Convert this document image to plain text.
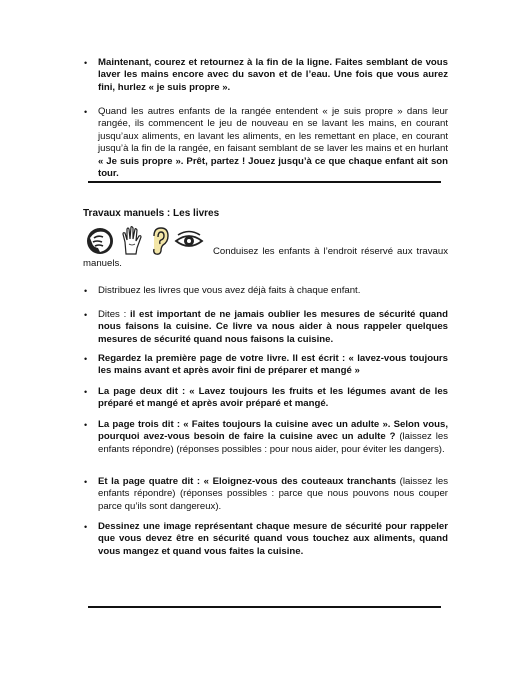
• Maintenant, courez et retournez à la fin de la ligne. Faites semblant de vous laver les mains encore avec du savon et de l’eau. Une fois que vous aurez fini, hurlez « je suis propre ».
• Quand les autres enfants de la rangée entendent « je suis propre » dans leur rangée, ils commencent le jeu de nouveau en se lavant les mains, en courant jusqu’aux aliments, en lavant les aliments, en les remettant en place, en courant jusqu’à la fin de la rangée, en faisant semblant de se laver les mains et en hurlant « Je suis propre ». Prêt, partez ! Jouez jusqu’à ce que chaque enfant ait son tour.
Travaux manuels : Les livres

Conduisez les enfants à l’endroit réservé aux travaux manuels.
• Distribuez les livres que vous avez déjà faits à chaque enfant.
• Dites : il est important de ne jamais oublier les mesures de sécurité quand nous faisons la cuisine. Ce livre va nous aider à nous rappeler quelques mesures de sécurité quand nous faisons la cuisine.
• Regardez la première page de votre livre. Il est écrit : « lavez-vous toujours les mains avant et après avoir fini de préparer et mangé »
• La page deux dit : « Lavez toujours les fruits et les légumes avant de les préparé et mangé et après avoir préparé et mangé.
• La page trois dit : « Faites toujours la cuisine avec un adulte ». Selon vous, pourquoi avez-vous besoin de faire la cuisine avec un adulte ? (laissez les enfants répondre) (réponses possibles : pour nous aider, pour éviter les dangers).
• Et la page quatre dit : « Eloignez-vous des couteaux tranchants (laissez les enfants répondre) (réponses possibles : parce que nous pouvons nous couper parce qu’ils sont dangereux).
• Dessinez une image représentant chaque mesure de sécurité pour rappeler que vous devez être en sécurité quand vous touchez aux aliments, quand vous mangez et quand vous faites la cuisine.
